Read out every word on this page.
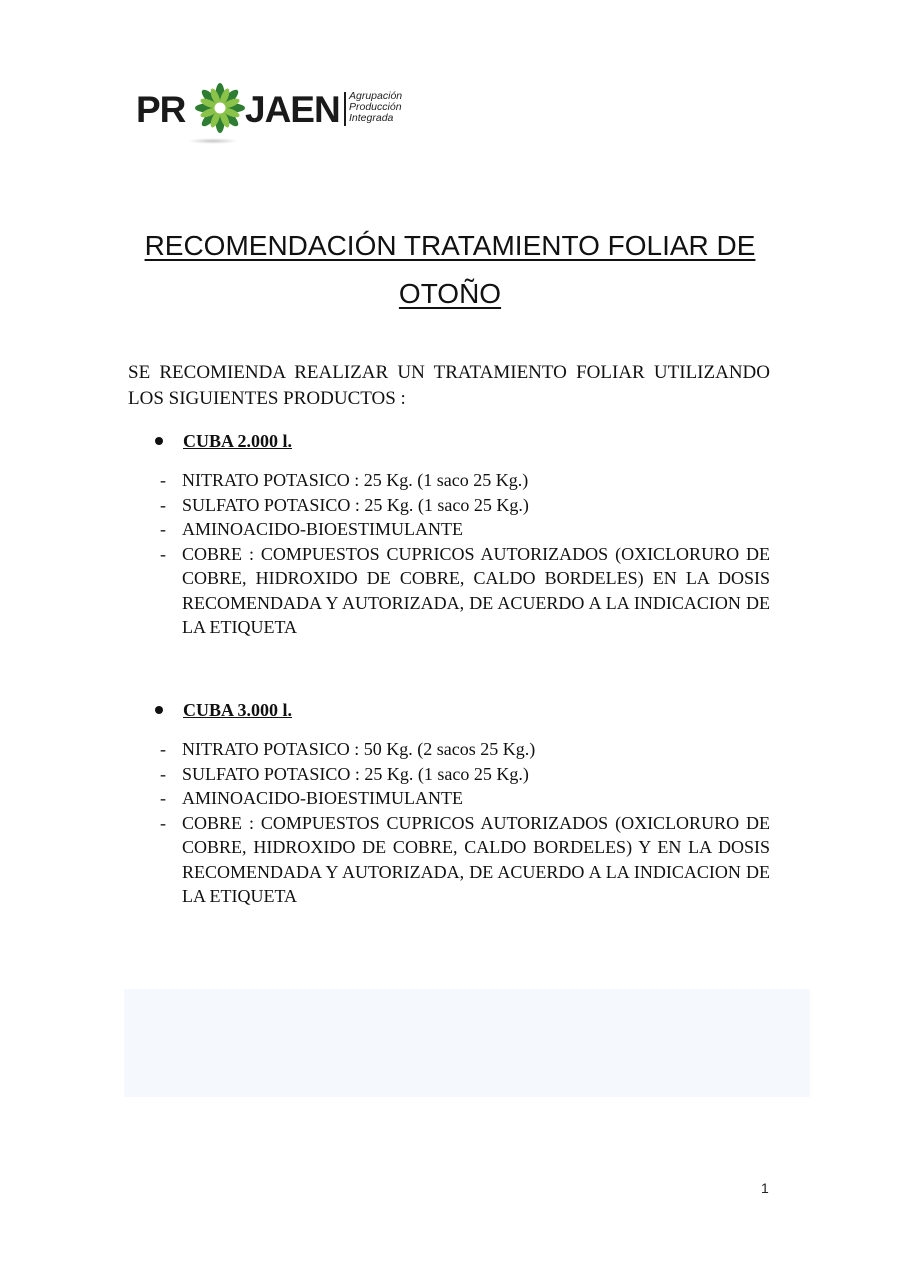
PR JAEN Agrupación
Producción
Integrada
RECOMENDACIÓN TRATAMIENTO FOLIAR DE OTOÑO

SE RECOMIENDA REALIZAR UN TRATAMIENTO FOLIAR UTILIZANDO LOS SIGUIENTES PRODUCTOS :

CUBA 2.000 l.
- NITRATO POTASICO : 25 Kg. (1 saco 25 Kg.)
- SULFATO POTASICO : 25 Kg. (1 saco 25 Kg.)
- AMINOACIDO-BIOESTIMULANTE
- COBRE : COMPUESTOS CUPRICOS AUTORIZADOS (OXICLORURO DE COBRE, HIDROXIDO DE COBRE, CALDO BORDELES) EN LA DOSIS RECOMENDADA Y AUTORIZADA, DE ACUERDO A LA INDICACION DE LA ETIQUETA
CUBA 3.000 l.
- NITRATO POTASICO : 50 Kg. (2 sacos 25 Kg.)
- SULFATO POTASICO : 25 Kg. (1 saco 25 Kg.)
- AMINOACIDO-BIOESTIMULANTE
- COBRE : COMPUESTOS CUPRICOS AUTORIZADOS (OXICLORURO DE COBRE, HIDROXIDO DE COBRE, CALDO BORDELES) Y EN LA DOSIS RECOMENDADA Y AUTORIZADA, DE ACUERDO A LA INDICACION DE LA ETIQUETA
1
